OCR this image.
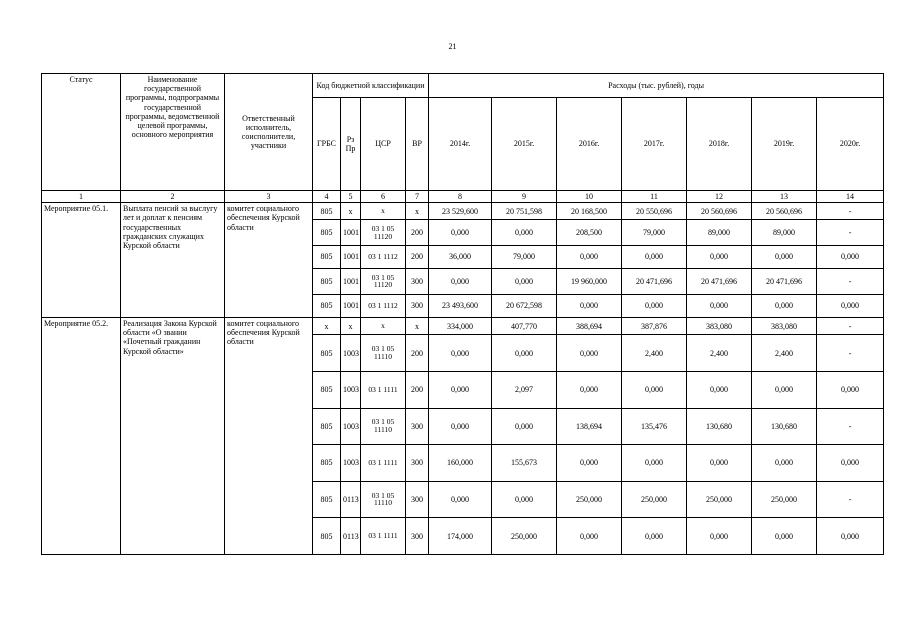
21
Статус	Наименование государственной программы, подпрограммы государственной программы, ведомственной целевой программы, основного мероприятия	Ответственный исполнитель, соисполнители, участники	Код бюджетной классификации				Расходы (тыс. рублей), годы						
			ГРБС	Рз Пр	ЦСР	ВР	2014г.	2015г.	2016г.	2017г.	2018г.	2019г.	2020г.
1	2	3	4	5	6	7	8	9	10	11	12	13	14
Мероприятие 05.1.	Выплата пенсий за выслугу лет и доплат к пенсиям государственных гражданских служащих Курской области	комитет социального обеспечения Курской области	805	х	х	х	23 529,600	20 751,598	20 168,500	20 550,696	20 560,696	20 560,696	-
			805	1001	03 1 05 11120	200	0,000	0,000	208,500	79,000	89,000	89,000	-
			805	1001	03 1 1112	200	36,000	79,000	0,000	0,000	0,000	0,000	0,000
			805	1001	03 1 05 11120	300	0,000	0,000	19 960,000	20 471,696	20 471,696	20 471,696	-
			805	1001	03 1 1112	300	23 493,600	20 672,598	0,000	0,000	0,000	0,000	0,000
Мероприятие 05.2.	Реализация Закона Курской области «О звании «Почетный гражданин Курской области»	комитет социального обеспечения Курской области	х	х	х	х	334,000	407,770	388,694	387,876	383,080	383,080	-
			805	1003	03 1 05 11110	200	0,000	0,000	0,000	2,400	2,400	2,400	-
			805	1003	03 1 1111	200	0,000	2,097	0,000	0,000	0,000	0,000	0,000
			805	1003	03 1 05 11110	300	0,000	0,000	138,694	135,476	130,680	130,680	-
			805	1003	03 1 1111	300	160,000	155,673	0,000	0,000	0,000	0,000	0,000
			805	0113	03 1 05 11110	300	0,000	0,000	250,000	250,000	250,000	250,000	-
			805	0113	03 1 1111	300	174,000	250,000	0,000	0,000	0,000	0,000	0,000
